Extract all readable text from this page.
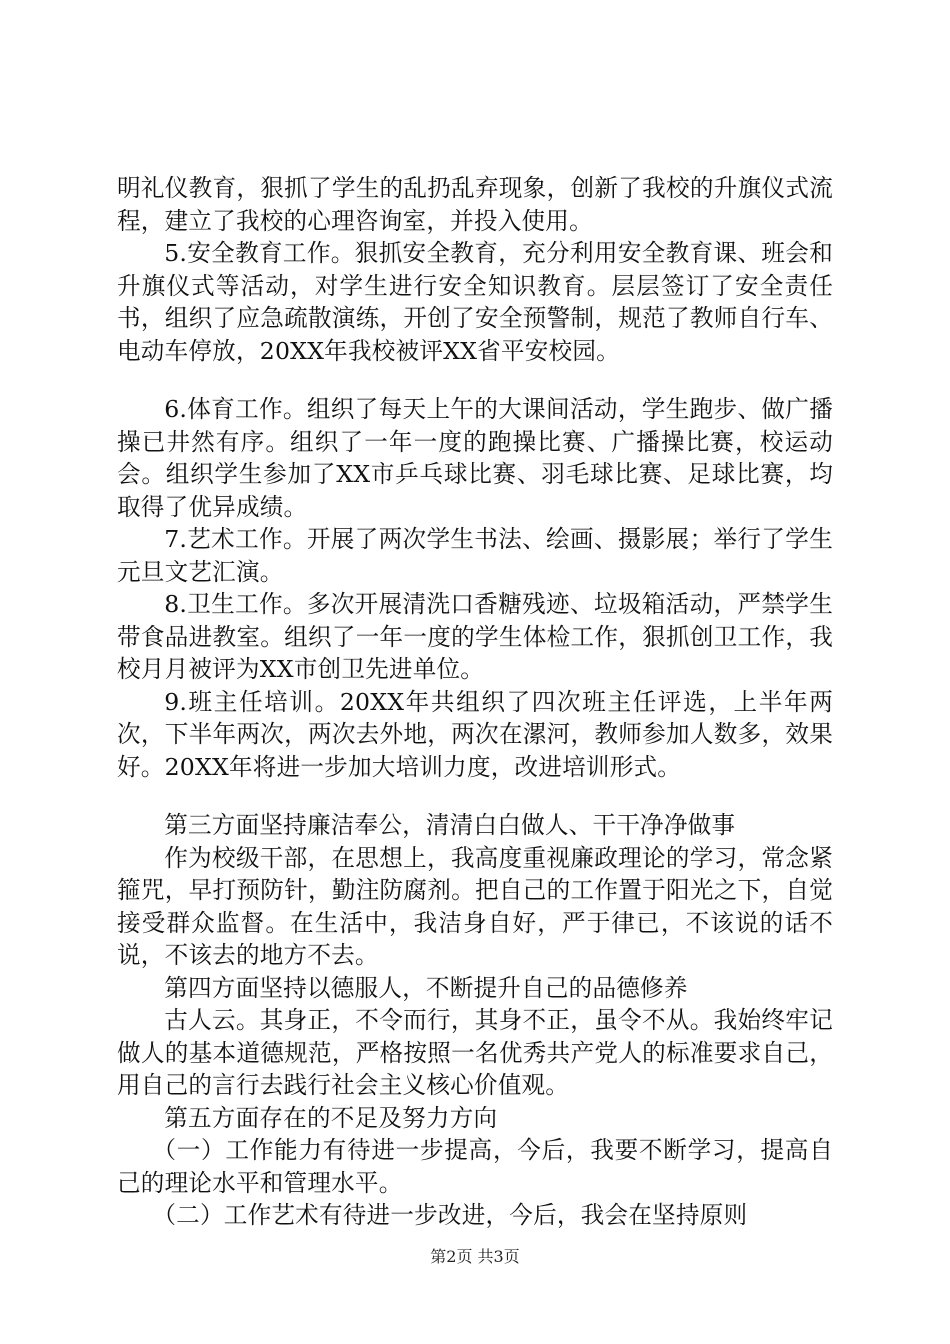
明礼仪教育，狠抓了学生的乱扔乱弃现象，创新了我校的升旗仪式流程，建立了我校的心理咨询室，并投入使用。

5.安全教育工作。狠抓安全教育，充分利用安全教育课、班会和升旗仪式等活动，对学生进行安全知识教育。层层签订了安全责任书，组织了应急疏散演练，开创了安全预警制，规范了教师自行车、电动车停放，20XX年我校被评XX省平安校园。

6.体育工作。组织了每天上午的大课间活动，学生跑步、做广播操已井然有序。组织了一年一度的跑操比赛、广播操比赛，校运动会。组织学生参加了XX市乒乓球比赛、羽毛球比赛、足球比赛，均取得了优异成绩。

7.艺术工作。开展了两次学生书法、绘画、摄影展；举行了学生元旦文艺汇演。

8.卫生工作。多次开展清洗口香糖残迹、垃圾箱活动，严禁学生带食品进教室。组织了一年一度的学生体检工作，狠抓创卫工作，我校月月被评为XX市创卫先进单位。

9.班主任培训。20XX年共组织了四次班主任评选，上半年两次，下半年两次，两次去外地，两次在漯河，教师参加人数多，效果好。20XX年将进一步加大培训力度，改进培训形式。

第三方面坚持廉洁奉公，清清白白做人、干干净净做事

作为校级干部，在思想上，我高度重视廉政理论的学习，常念紧箍咒，早打预防针，勤注防腐剂。把自己的工作置于阳光之下，自觉接受群众监督。在生活中，我洁身自好，严于律已，不该说的话不说，不该去的地方不去。

第四方面坚持以德服人，不断提升自己的品德修养

古人云。其身正，不令而行，其身不正，虽令不从。我始终牢记做人的基本道德规范，严格按照一名优秀共产党人的标准要求自己，用自己的言行去践行社会主义核心价值观。

第五方面存在的不足及努力方向

（一）工作能力有待进一步提高，今后，我要不断学习，提高自己的理论水平和管理水平。

（二）工作艺术有待进一步改进，今后，我会在坚持原则

第2页 共3页
